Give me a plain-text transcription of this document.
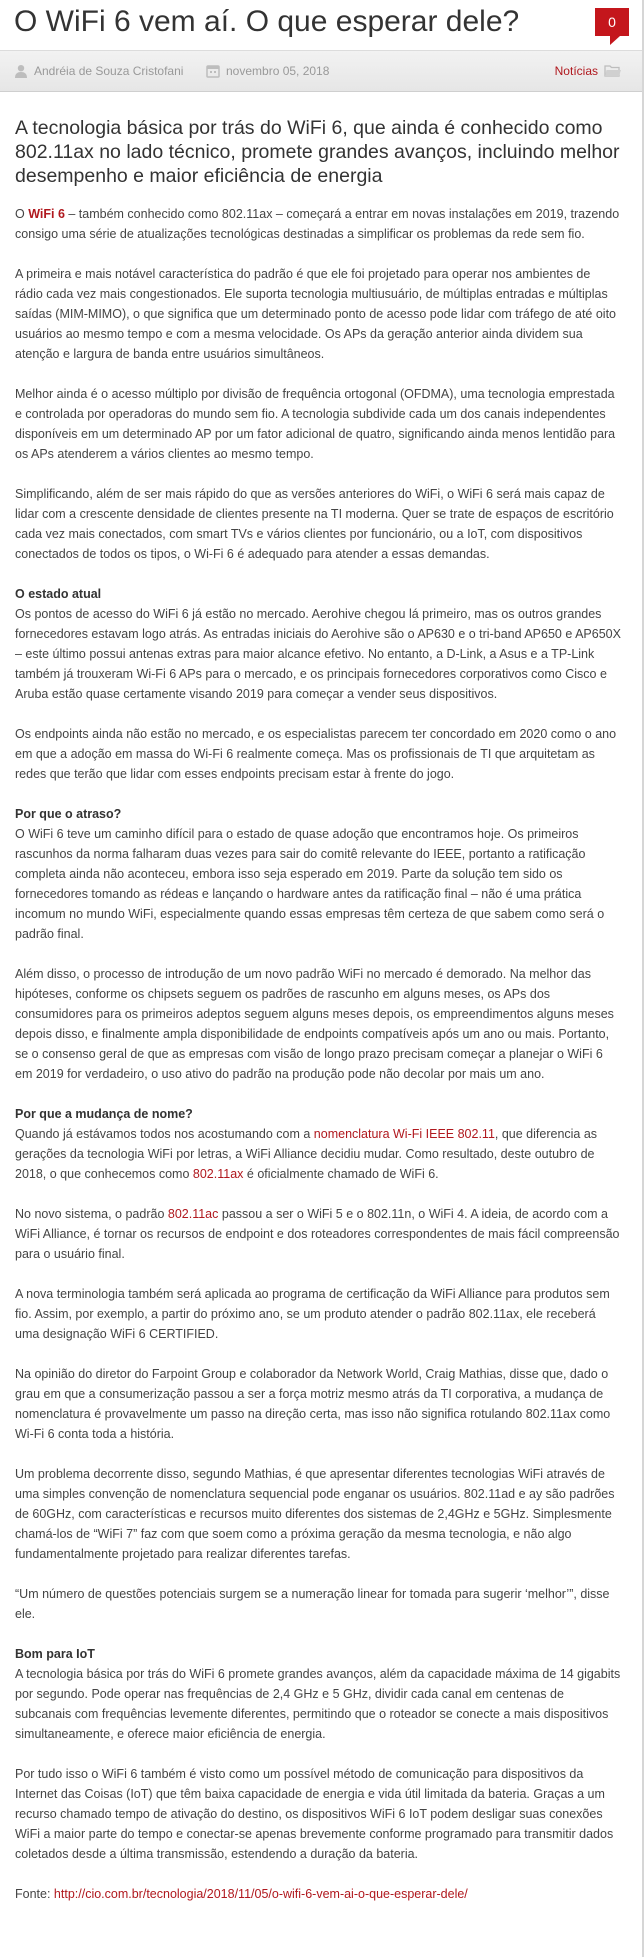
O WiFi 6 vem aí. O que esperar dele?	0
Andréia de Souza Cristofani	novembro 05, 2018	Notícias
A tecnologia básica por trás do WiFi 6, que ainda é conhecido como 802.11ax no lado técnico, promete grandes avanços, incluindo melhor desempenho e maior eficiência de energia

O WiFi 6 – também conhecido como 802.11ax – começará a entrar em novas instalações em 2019, trazendo consigo uma série de atualizações tecnológicas destinadas a simplificar os problemas da rede sem fio.

A primeira e mais notável característica do padrão é que ele foi projetado para operar nos ambientes de rádio cada vez mais congestionados. Ele suporta tecnologia multiusuário, de múltiplas entradas e múltiplas saídas (MIM-MIMO), o que significa que um determinado ponto de acesso pode lidar com tráfego de até oito usuários ao mesmo tempo e com a mesma velocidade. Os APs da geração anterior ainda dividem sua atenção e largura de banda entre usuários simultâneos.

Melhor ainda é o acesso múltiplo por divisão de frequência ortogonal (OFDMA), uma tecnologia emprestada e controlada por operadoras do mundo sem fio. A tecnologia subdivide cada um dos canais independentes disponíveis em um determinado AP por um fator adicional de quatro, significando ainda menos lentidão para os APs atenderem a vários clientes ao mesmo tempo.

Simplificando, além de ser mais rápido do que as versões anteriores do WiFi, o WiFi 6 será mais capaz de lidar com a crescente densidade de clientes presente na TI moderna. Quer se trate de espaços de escritório cada vez mais conectados, com smart TVs e vários clientes por funcionário, ou a IoT, com dispositivos conectados de todos os tipos, o Wi-Fi 6 é adequado para atender a essas demandas.

O estado atual

Os pontos de acesso do WiFi 6 já estão no mercado. Aerohive chegou lá primeiro, mas os outros grandes fornecedores estavam logo atrás. As entradas iniciais do Aerohive são o AP630 e o tri-band AP650 e AP650X – este último possui antenas extras para maior alcance efetivo. No entanto, a D-Link, a Asus e a TP-Link também já trouxeram Wi-Fi 6 APs para o mercado, e os principais fornecedores corporativos como Cisco e Aruba estão quase certamente visando 2019 para começar a vender seus dispositivos.

Os endpoints ainda não estão no mercado, e os especialistas parecem ter concordado em 2020 como o ano em que a adoção em massa do Wi-Fi 6 realmente começa. Mas os profissionais de TI que arquitetam as redes que terão que lidar com esses endpoints precisam estar à frente do jogo.

Por que o atraso?

O WiFi 6 teve um caminho difícil para o estado de quase adoção que encontramos hoje. Os primeiros rascunhos da norma falharam duas vezes para sair do comitê relevante do IEEE, portanto a ratificação completa ainda não aconteceu, embora isso seja esperado em 2019. Parte da solução tem sido os fornecedores tomando as rédeas e lançando o hardware antes da ratificação final – não é uma prática incomum no mundo WiFi, especialmente quando essas empresas têm certeza de que sabem como será o padrão final.

Além disso, o processo de introdução de um novo padrão WiFi no mercado é demorado. Na melhor das hipóteses, conforme os chipsets seguem os padrões de rascunho em alguns meses, os APs dos consumidores para os primeiros adeptos seguem alguns meses depois, os empreendimentos alguns meses depois disso, e finalmente ampla disponibilidade de endpoints compatíveis após um ano ou mais. Portanto, se o consenso geral de que as empresas com visão de longo prazo precisam começar a planejar o WiFi 6 em 2019 for verdadeiro, o uso ativo do padrão na produção pode não decolar por mais um ano.

Por que a mudança de nome?

Quando já estávamos todos nos acostumando com a nomenclatura Wi-Fi IEEE 802.11, que diferencia as gerações da tecnologia WiFi por letras, a WiFi Alliance decidiu mudar. Como resultado, deste outubro de 2018, o que conhecemos como 802.11ax é oficialmente chamado de WiFi 6.

No novo sistema, o padrão 802.11ac passou a ser o WiFi 5 e o 802.11n, o WiFi 4. A ideia, de acordo com a WiFi Alliance, é tornar os recursos de endpoint e dos roteadores correspondentes de mais fácil compreensão para o usuário final.

A nova terminologia também será aplicada ao programa de certificação da WiFi Alliance para produtos sem fio. Assim, por exemplo, a partir do próximo ano, se um produto atender o padrão 802.11ax, ele receberá uma designação WiFi 6 CERTIFIED.

Na opinião do diretor do Farpoint Group e colaborador da Network World, Craig Mathias, disse que, dado o grau em que a consumerização passou a ser a força motriz mesmo atrás da TI corporativa, a mudança de nomenclatura é provavelmente um passo na direção certa, mas isso não significa rotulando 802.11ax como Wi-Fi 6 conta toda a história.

Um problema decorrente disso, segundo Mathias, é que apresentar diferentes tecnologias WiFi através de uma simples convenção de nomenclatura sequencial pode enganar os usuários. 802.11ad e ay são padrões de 60GHz, com características e recursos muito diferentes dos sistemas de 2,4GHz e 5GHz. Simplesmente chamá-los de “WiFi 7” faz com que soem como a próxima geração da mesma tecnologia, e não algo fundamentalmente projetado para realizar diferentes tarefas.

“Um número de questões potenciais surgem se a numeração linear for tomada para sugerir ‘melhor’”, disse ele.

Bom para IoT

A tecnologia básica por trás do WiFi 6 promete grandes avanços, além da capacidade máxima de 14 gigabits por segundo. Pode operar nas frequências de 2,4 GHz e 5 GHz, dividir cada canal em centenas de subcanais com frequências levemente diferentes, permitindo que o roteador se conecte a mais dispositivos simultaneamente, e oferece maior eficiência de energia.

Por tudo isso o WiFi 6 também é visto como um possível método de comunicação para dispositivos da Internet das Coisas (IoT) que têm baixa capacidade de energia e vida útil limitada da bateria. Graças a um recurso chamado tempo de ativação do destino, os dispositivos WiFi 6 IoT podem desligar suas conexões WiFi a maior parte do tempo e conectar-se apenas brevemente conforme programado para transmitir dados coletados desde a última transmissão, estendendo a duração da bateria.

Fonte: http://cio.com.br/tecnologia/2018/11/05/o-wifi-6-vem-ai-o-que-esperar-dele/
